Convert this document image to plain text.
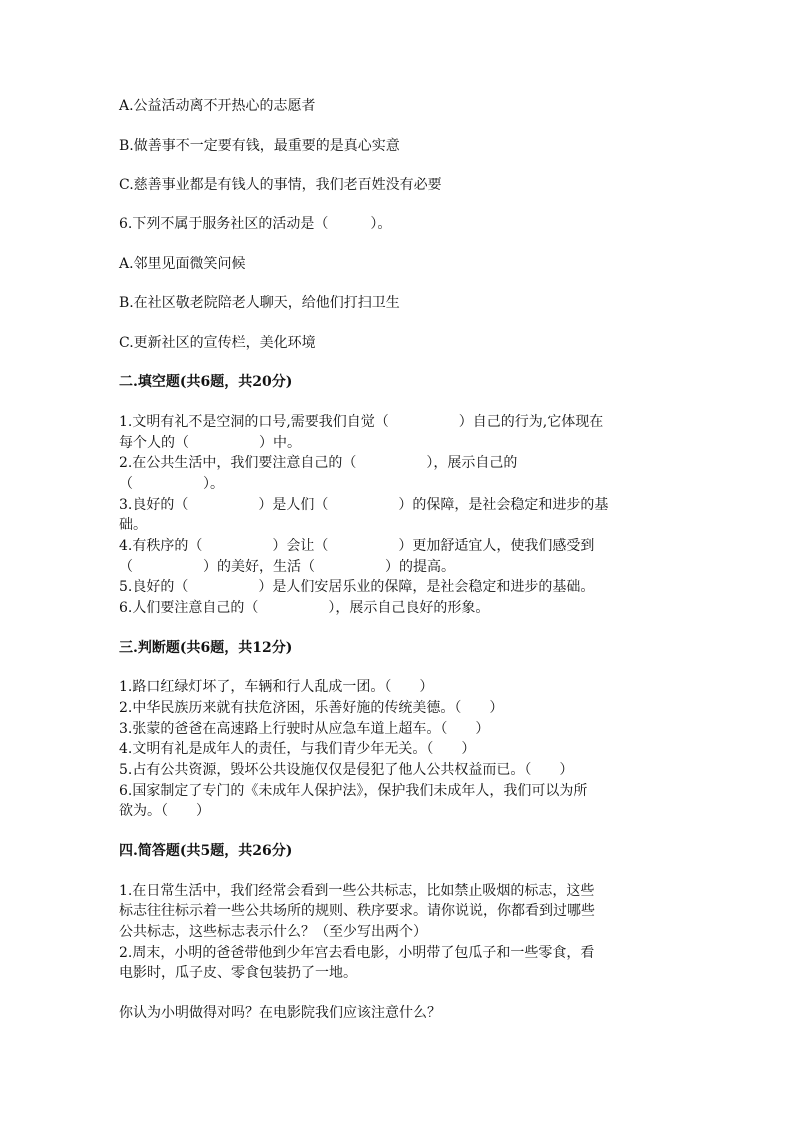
A.公益活动离不开热心的志愿者
B.做善事不一定要有钱，最重要的是真心实意
C.慈善事业都是有钱人的事情，我们老百姓没有必要
6.下列不属于服务社区的活动是（　　　）。
A.邻里见面微笑问候
B.在社区敬老院陪老人聊天，给他们打扫卫生
C.更新社区的宣传栏，美化环境
二.填空题(共6题，共20分)
1.文明有礼不是空洞的口号,需要我们自觉（　　　　　）自己的行为,它体现在
每个人的（　　　　　）中。
2.在公共生活中，我们要注意自己的（　　　　　），展示自己的
（　　　　　）。
3.良好的（　　　　　）是人们（　　　　　）的保障，是社会稳定和进步的基
础。
4.有秩序的（　　　　　）会让（　　　　　）更加舒适宜人，使我们感受到
（　　　　　）的美好，生活（　　　　　）的提高。
5.良好的（　　　　　）是人们安居乐业的保障，是社会稳定和进步的基础。
6.人们要注意自己的（　　　　　），展示自己良好的形象。
三.判断题(共6题，共12分)
1.路口红绿灯坏了，车辆和行人乱成一团。（　　）
2.中华民族历来就有扶危济困，乐善好施的传统美德。（　　）
3.张蒙的爸爸在高速路上行驶时从应急车道上超车。（　　）
4.文明有礼是成年人的责任，与我们青少年无关。（　　）
5.占有公共资源，毁坏公共设施仅仅是侵犯了他人公共权益而已。（　　）
6.国家制定了专门的《未成年人保护法》，保护我们未成年人，我们可以为所
欲为。（　　）
四.简答题(共5题，共26分)
1.在日常生活中，我们经常会看到一些公共标志，比如禁止吸烟的标志，这些
标志往往标示着一些公共场所的规则、秩序要求。请你说说，你都看到过哪些
公共标志，这些标志表示什么？（至少写出两个）
2.周末，小明的爸爸带他到少年宫去看电影，小明带了包瓜子和一些零食，看
电影时，瓜子皮、零食包装扔了一地。
你认为小明做得对吗？在电影院我们应该注意什么？
